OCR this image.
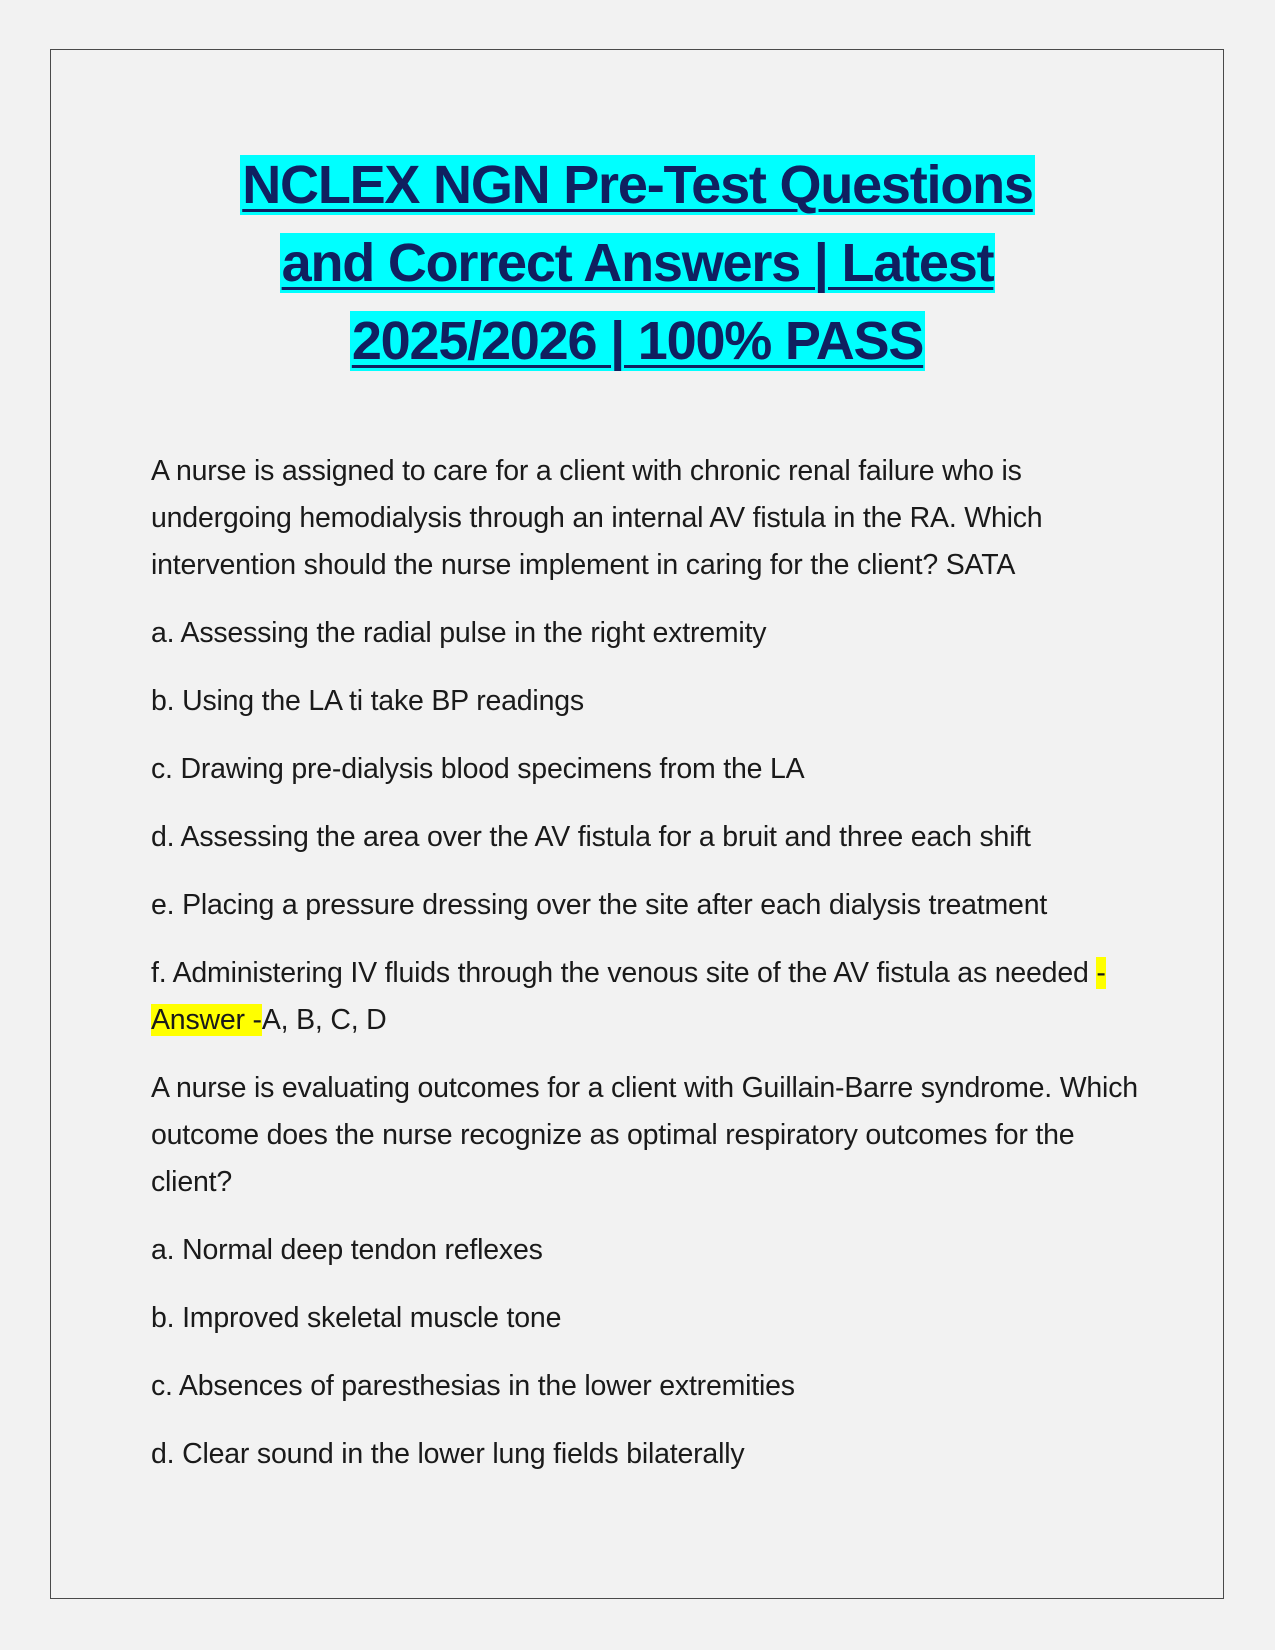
NCLEX NGN Pre-Test Questions
and Correct Answers | Latest
2025/2026 | 100% PASS

A nurse is assigned to care for a client with chronic renal failure who is undergoing hemodialysis through an internal AV fistula in the RA. Which intervention should the nurse implement in caring for the client? SATA

a. Assessing the radial pulse in the right extremity

b. Using the LA ti take BP readings

c. Drawing pre-dialysis blood specimens from the LA

d. Assessing the area over the AV fistula for a bruit and three each shift

e. Placing a pressure dressing over the site after each dialysis treatment

f. Administering IV fluids through the venous site of the AV fistula as needed - Answer -A, B, C, D

A nurse is evaluating outcomes for a client with Guillain-Barre syndrome. Which outcome does the nurse recognize as optimal respiratory outcomes for the client?

a. Normal deep tendon reflexes

b. Improved skeletal muscle tone

c. Absences of paresthesias in the lower extremities

d. Clear sound in the lower lung fields bilaterally
